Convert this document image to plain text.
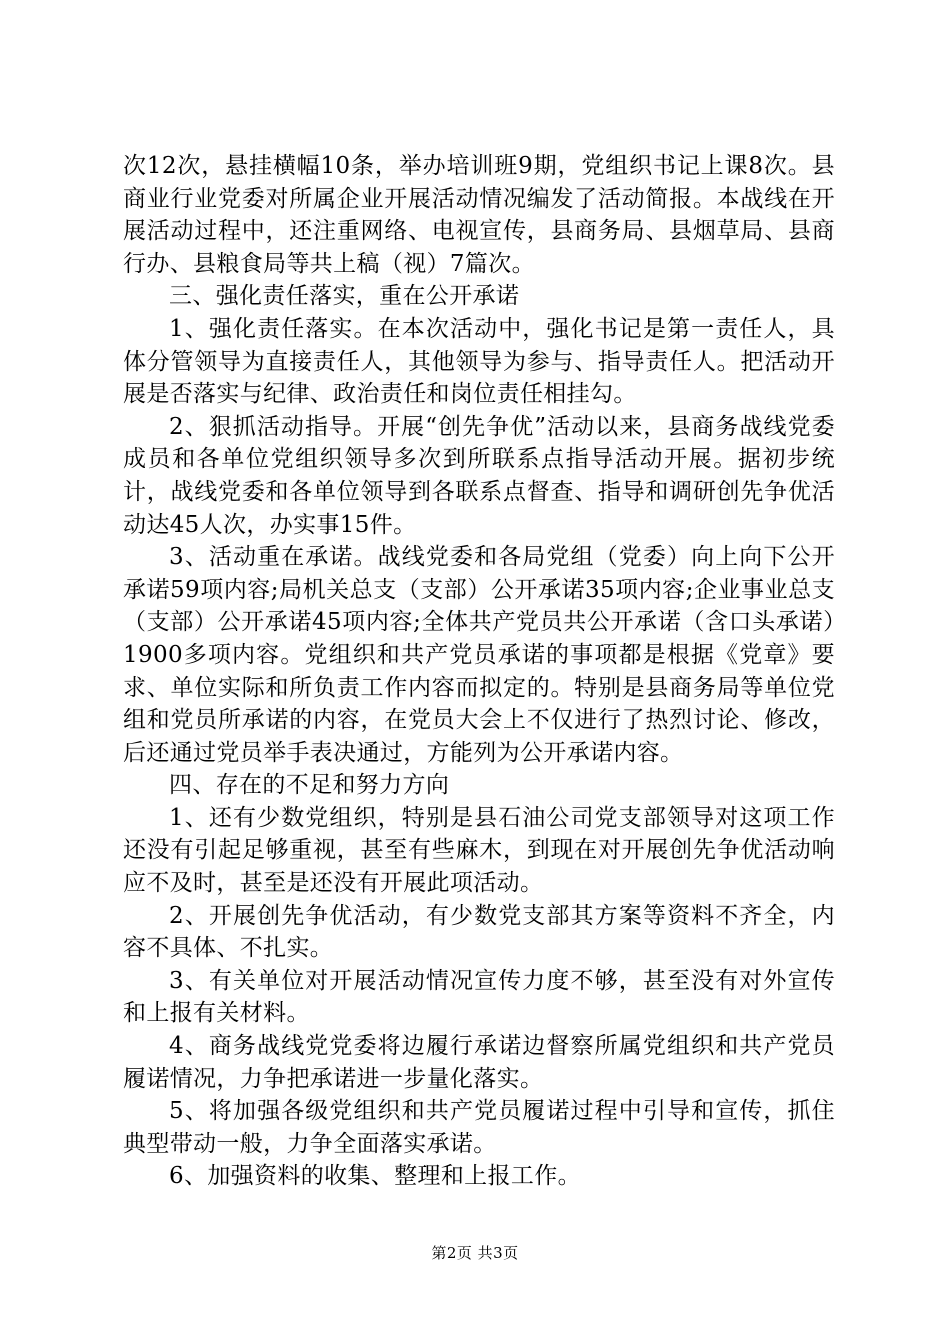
次12次，悬挂横幅10条，举办培训班9期，党组织书记上课8次。县商业行业党委对所属企业开展活动情况编发了活动简报。本战线在开展活动过程中，还注重网络、电视宣传，县商务局、县烟草局、县商行办、县粮食局等共上稿（视）7篇次。

三、强化责任落实，重在公开承诺

1、强化责任落实。在本次活动中，强化书记是第一责任人，具体分管领导为直接责任人，其他领导为参与、指导责任人。把活动开展是否落实与纪律、政治责任和岗位责任相挂勾。

2、狠抓活动指导。开展“创先争优”活动以来，县商务战线党委成员和各单位党组织领导多次到所联系点指导活动开展。据初步统计，战线党委和各单位领导到各联系点督查、指导和调研创先争优活动达45人次，办实事15件。

3、活动重在承诺。战线党委和各局党组（党委）向上向下公开承诺59项内容;局机关总支（支部）公开承诺35项内容;企业事业总支（支部）公开承诺45项内容;全体共产党员共公开承诺（含口头承诺）1900多项内容。党组织和共产党员承诺的事项都是根据《党章》要求、单位实际和所负责工作内容而拟定的。特别是县商务局等单位党组和党员所承诺的内容，在党员大会上不仅进行了热烈讨论、修改，后还通过党员举手表决通过，方能列为公开承诺内容。

四、存在的不足和努力方向

1、还有少数党组织，特别是县石油公司党支部领导对这项工作还没有引起足够重视，甚至有些麻木，到现在对开展创先争优活动响应不及时，甚至是还没有开展此项活动。

2、开展创先争优活动，有少数党支部其方案等资料不齐全，内容不具体、不扎实。

3、有关单位对开展活动情况宣传力度不够，甚至没有对外宣传和上报有关材料。

4、商务战线党党委将边履行承诺边督察所属党组织和共产党员履诺情况，力争把承诺进一步量化落实。

5、将加强各级党组织和共产党员履诺过程中引导和宣传，抓住典型带动一般，力争全面落实承诺。

6、加强资料的收集、整理和上报工作。

第2页 共3页
